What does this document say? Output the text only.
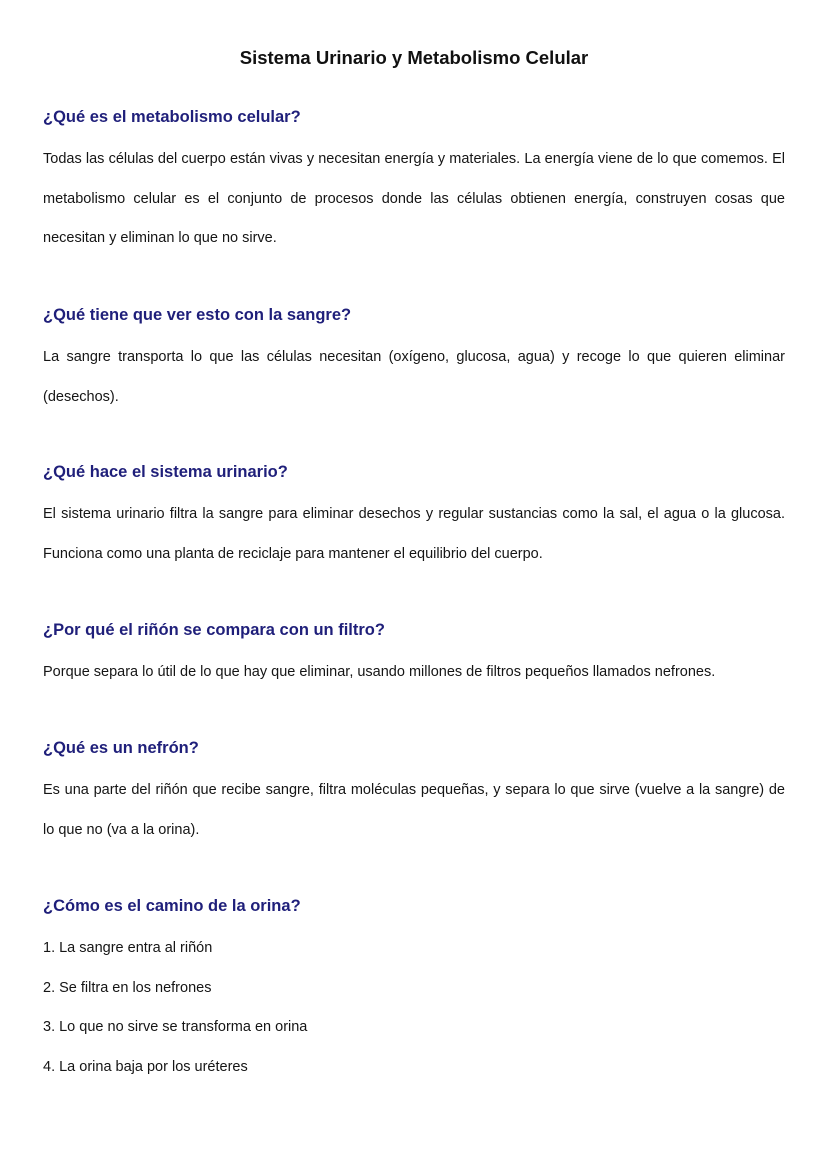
Sistema Urinario y Metabolismo Celular
¿Qué es el metabolismo celular?

Todas las células del cuerpo están vivas y necesitan energía y materiales. La energía viene de lo que comemos. El metabolismo celular es el conjunto de procesos donde las células obtienen energía, construyen cosas que necesitan y eliminan lo que no sirve.

¿Qué tiene que ver esto con la sangre?

La sangre transporta lo que las células necesitan (oxígeno, glucosa, agua) y recoge lo que quieren eliminar (desechos).

¿Qué hace el sistema urinario?

El sistema urinario filtra la sangre para eliminar desechos y regular sustancias como la sal, el agua o la glucosa. Funciona como una planta de reciclaje para mantener el equilibrio del cuerpo.

¿Por qué el riñón se compara con un filtro?

Porque separa lo útil de lo que hay que eliminar, usando millones de filtros pequeños llamados nefrones.

¿Qué es un nefrón?

Es una parte del riñón que recibe sangre, filtra moléculas pequeñas, y separa lo que sirve (vuelve a la sangre) de lo que no (va a la orina).

¿Cómo es el camino de la orina?
1. La sangre entra al riñón
2. Se filtra en los nefrones
3. Lo que no sirve se transforma en orina
4. La orina baja por los uréteres
